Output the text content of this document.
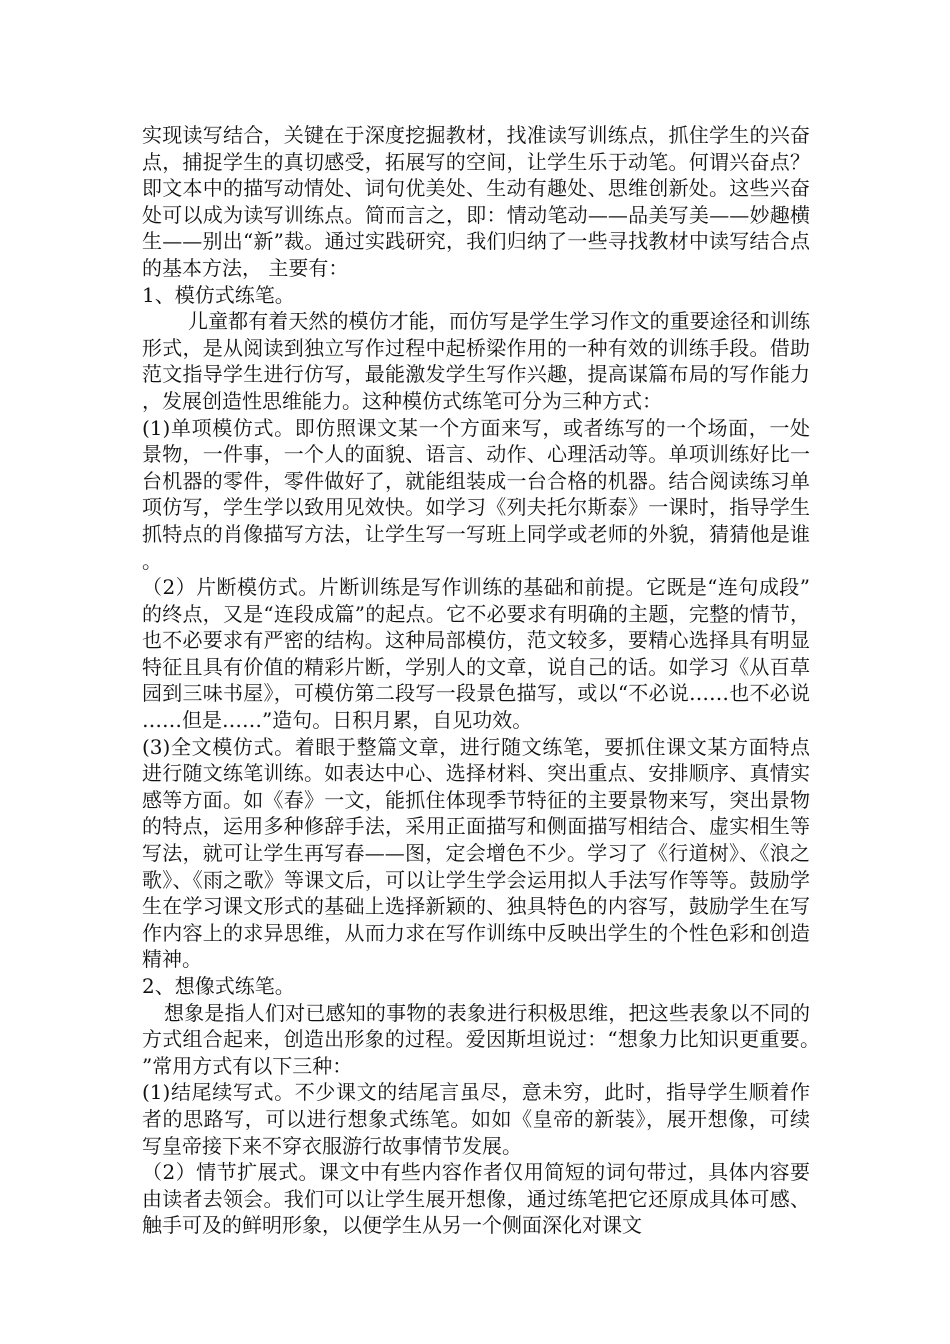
实现读写结合，关键在于深度挖掘教材，找准读写训练点，抓住学生的兴奋点，捕捉学生的真切感受，拓展写的空间，让学生乐于动笔。何谓兴奋点？即文本中的描写动情处、词句优美处、生动有趣处、思维创新处。这些兴奋处可以成为读写训练点。简而言之，即：情动笔动——品美写美——妙趣横生——别出“新”裁。通过实践研究，我们归纳了一些寻找教材中读写结合点的基本方法， 主要有：

1、模仿式练笔。

儿童都有着天然的模仿才能，而仿写是学生学习作文的重要途径和训练形式，是从阅读到独立写作过程中起桥梁作用的一种有效的训练手段。借助范文指导学生进行仿写，最能激发学生写作兴趣，提高谋篇布局的写作能力，发展创造性思维能力。这种模仿式练笔可分为三种方式：

(1)单项模仿式。即仿照课文某一个方面来写，或者练写的一个场面，一处景物，一件事，一个人的面貌、语言、动作、心理活动等。单项训练好比一台机器的零件，零件做好了，就能组装成一台合格的机器。结合阅读练习单项仿写，学生学以致用见效快。如学习《列夫托尔斯泰》一课时，指导学生抓特点的肖像描写方法，让学生写一写班上同学或老师的外貌，猜猜他是谁。

（2）片断模仿式。片断训练是写作训练的基础和前提。它既是“连句成段”的终点，又是“连段成篇”的起点。它不必要求有明确的主题，完整的情节，也不必要求有严密的结构。这种局部模仿，范文较多，要精心选择具有明显特征且具有价值的精彩片断，学别人的文章，说自己的话。如学习《从百草园到三味书屋》，可模仿第二段写一段景色描写，或以“不必说……也不必说……但是……”造句。日积月累，自见功效。

(3)全文模仿式。着眼于整篇文章，进行随文练笔，要抓住课文某方面特点进行随文练笔训练。如表达中心、选择材料、突出重点、安排顺序、真情实感等方面。如《春》一文，能抓住体现季节特征的主要景物来写，突出景物的特点，运用多种修辞手法，采用正面描写和侧面描写相结合、虚实相生等写法，就可让学生再写春——图，定会增色不少。学习了《行道树》、《浪之歌》、《雨之歌》等课文后，可以让学生学会运用拟人手法写作等等。鼓励学生在学习课文形式的基础上选择新颖的、独具特色的内容写，鼓励学生在写作内容上的求异思维，从而力求在写作训练中反映出学生的个性色彩和创造精神。

2、想像式练笔。

想象是指人们对已感知的事物的表象进行积极思维，把这些表象以不同的方式组合起来，创造出形象的过程。爱因斯坦说过：“想象力比知识更重要。”常用方式有以下三种：

(1)结尾续写式。不少课文的结尾言虽尽，意未穷，此时，指导学生顺着作者的思路写，可以进行想象式练笔。如如《皇帝的新装》，展开想像，可续写皇帝接下来不穿衣服游行故事情节发展。

（2）情节扩展式。课文中有些内容作者仅用简短的词句带过，具体内容要由读者去领会。我们可以让学生展开想像，通过练笔把它还原成具体可感、触手可及的鲜明形象，以便学生从另一个侧面深化对课文
